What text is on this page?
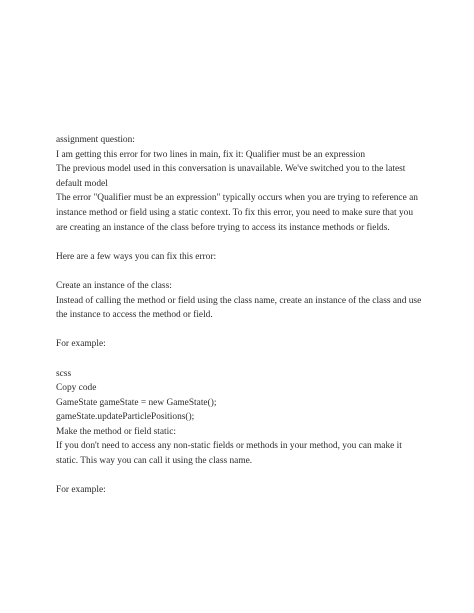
assignment question:
I am getting this error for two lines in main, fix it: Qualifier must be an expression
The previous model used in this conversation is unavailable. We've switched you to the latest
default model
The error "Qualifier must be an expression" typically occurs when you are trying to reference an
instance method or field using a static context. To fix this error, you need to make sure that you
are creating an instance of the class before trying to access its instance methods or fields.
Here are a few ways you can fix this error:
Create an instance of the class:
Instead of calling the method or field using the class name, create an instance of the class and use
the instance to access the method or field.
For example:
scss
Copy code
GameState gameState = new GameState();
gameState.updateParticlePositions();
Make the method or field static:
If you don't need to access any non-static fields or methods in your method, you can make it
static. This way you can call it using the class name.
For example:
